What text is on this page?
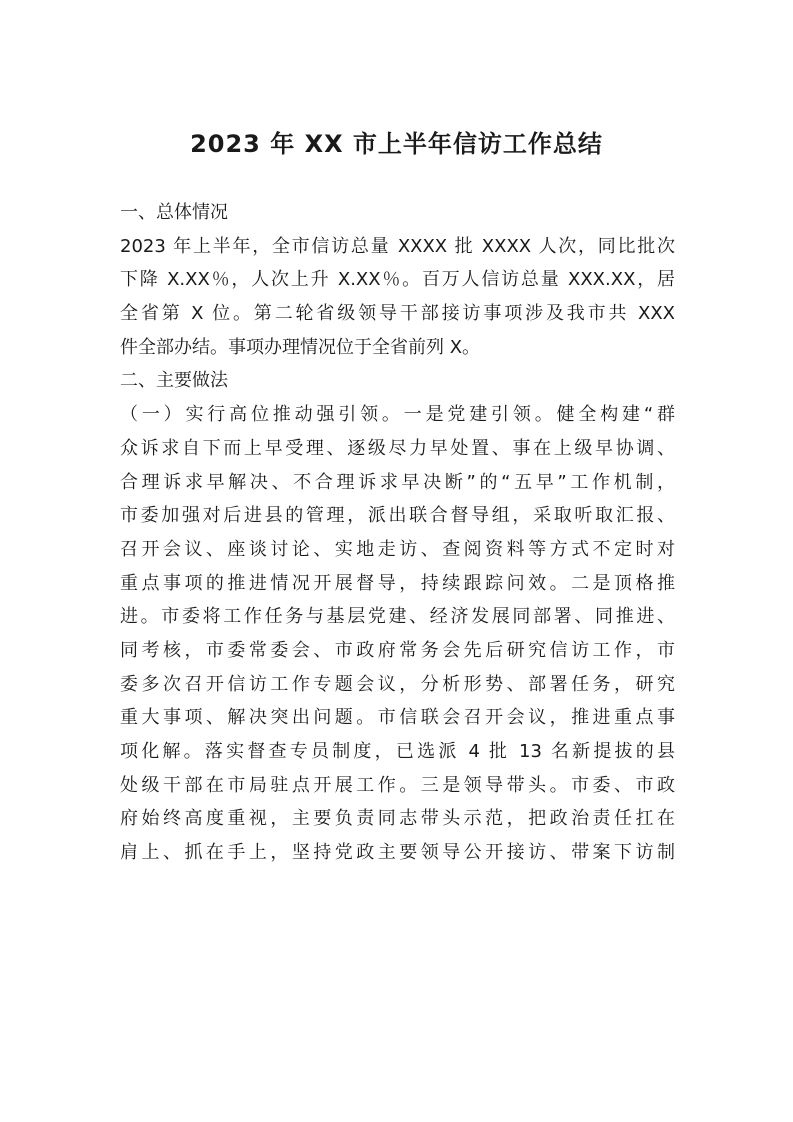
2023 年 XX 市上半年信访工作总结
一、总体情况
2023 年上半年，全市信访总量 XXXX 批 XXXX 人次，同比批次
下降 X.XX％，人次上升 X.XX％。百万人信访总量 XXX.XX，居
全省第 X 位。第二轮省级领导干部接访事项涉及我市共 XXX
件全部办结。事项办理情况位于全省前列 X。
二、主要做法
（一）实行高位推动强引领。一是党建引领。健全构建“群
众诉求自下而上早受理、逐级尽力早处置、事在上级早协调、
合理诉求早解决、不合理诉求早决断”的“五早”工作机制，
市委加强对后进县的管理，派出联合督导组，采取听取汇报、
召开会议、座谈讨论、实地走访、查阅资料等方式不定时对
重点事项的推进情况开展督导，持续跟踪问效。二是顶格推
进。市委将工作任务与基层党建、经济发展同部署、同推进、
同考核，市委常委会、市政府常务会先后研究信访工作，市
委多次召开信访工作专题会议，分析形势、部署任务，研究
重大事项、解决突出问题。市信联会召开会议，推进重点事
项化解。落实督查专员制度，已选派 4 批 13 名新提拔的县
处级干部在市局驻点开展工作。三是领导带头。市委、市政
府始终高度重视，主要负责同志带头示范，把政治责任扛在
肩上、抓在手上，坚持党政主要领导公开接访、带案下访制
